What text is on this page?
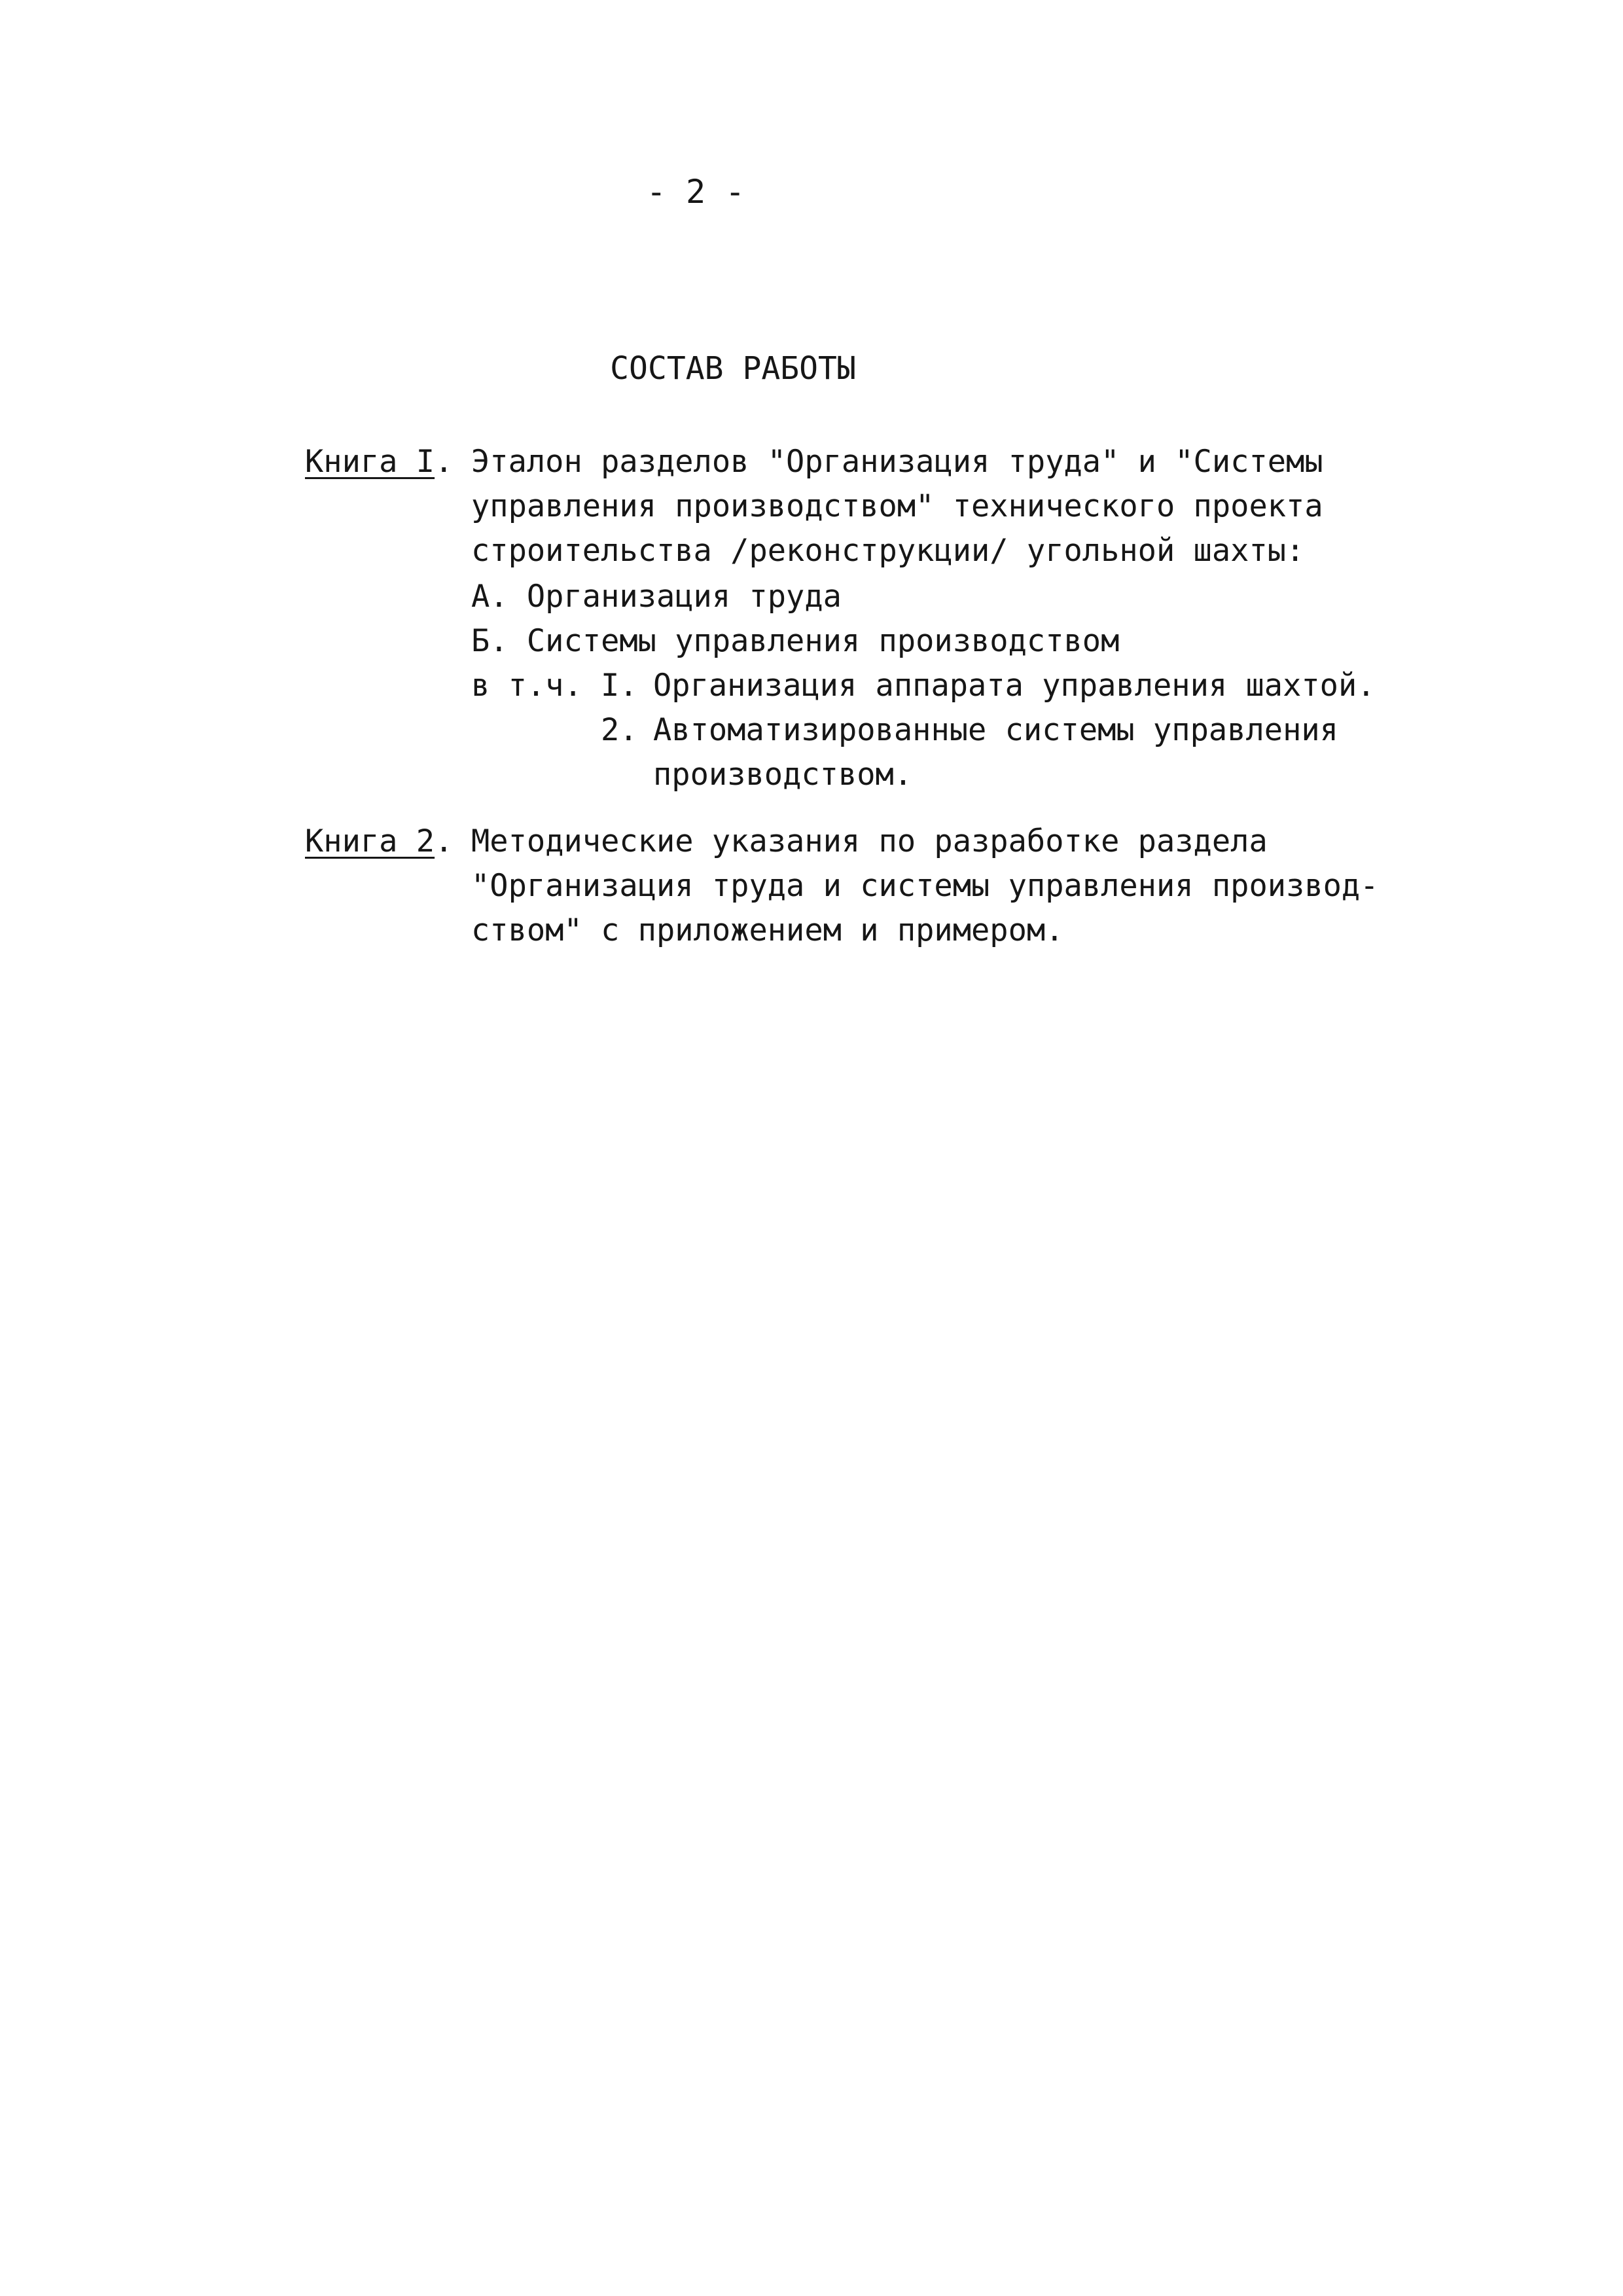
- 2 -
СОСТАВ РАБОТЫ
Книга I. Эталон разделов "Организация труда" и "Системы
управления производством" технического проекта
строительства /реконструкции/ угольной шахты:
А. Организация труда
Б. Системы управления производством
в т.ч. I. Организация аппарата управления шахтой.
2. Автоматизированные системы управления
производством.
Книга 2. Методические указания по разработке раздела
"Организация труда и системы управления производ-
ством" с приложением и примером.
